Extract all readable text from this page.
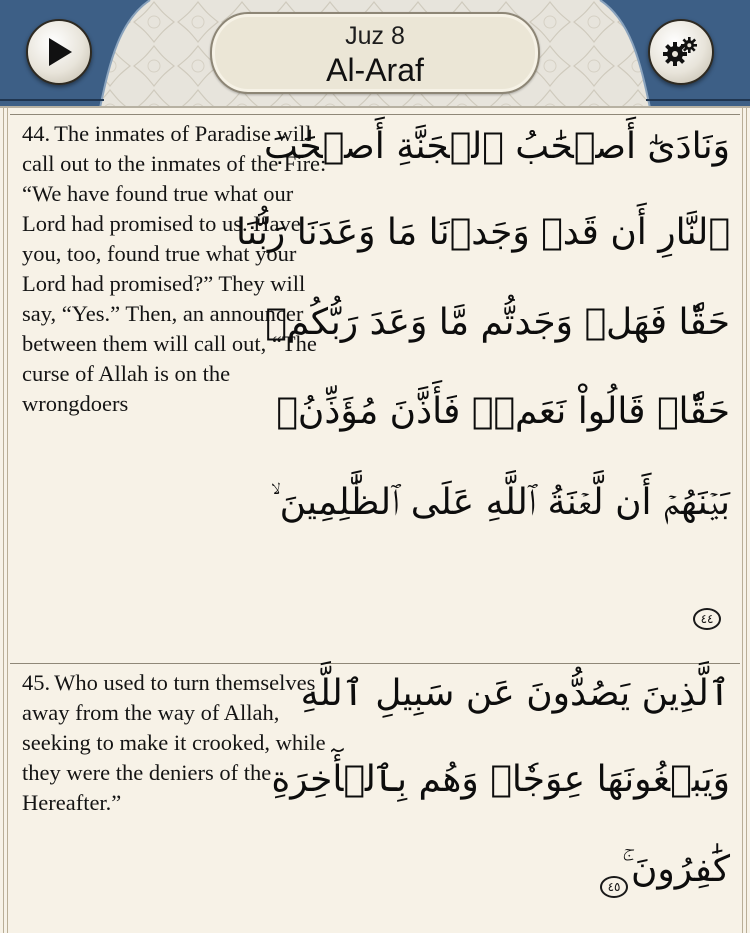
Juz 8
Al-Araf
44. The inmates of Paradise will call out to the inmates of the Fire: “We have found true what our Lord had promised to us. Have you, too, found true what your Lord had promised?” They will say, “Yes.” Then, an announcer between them will call out, “The curse of Allah is on the wrongdoers
وَنَادَىٰٓ أَصۡحَٰبُ ٱلۡجَنَّةِ أَصۡحَٰبَ
ٱلنَّارِ أَن قَدۡ وَجَدۡنَا مَا وَعَدَنَا رَبُّنَا
حَقّٗا فَهَلۡ وَجَدتُّم مَّا وَعَدَ رَبُّكُمۡ
حَقّٗاۖ قَالُواْ نَعَمۡۚ فَأَذَّنَ مُؤَذِّنُۢ
بَيۡنَهُمۡ أَن لَّعۡنَةُ ٱللَّهِ عَلَى ٱلظَّٰلِمِينَ ۙ
٤٤
45. Who used to turn themselves away from the way of Allah, seeking to make it crooked, while they were the deniers of the Hereafter.”
ٱلَّذِينَ يَصُدُّونَ عَن سَبِيلِ ٱللَّهِ
وَيَبۡغُونَهَا عِوَجٗاۚ وَهُم بِٱلۡأٓخِرَةِ
كَٰفِرُونَ ۚ
٤٥
